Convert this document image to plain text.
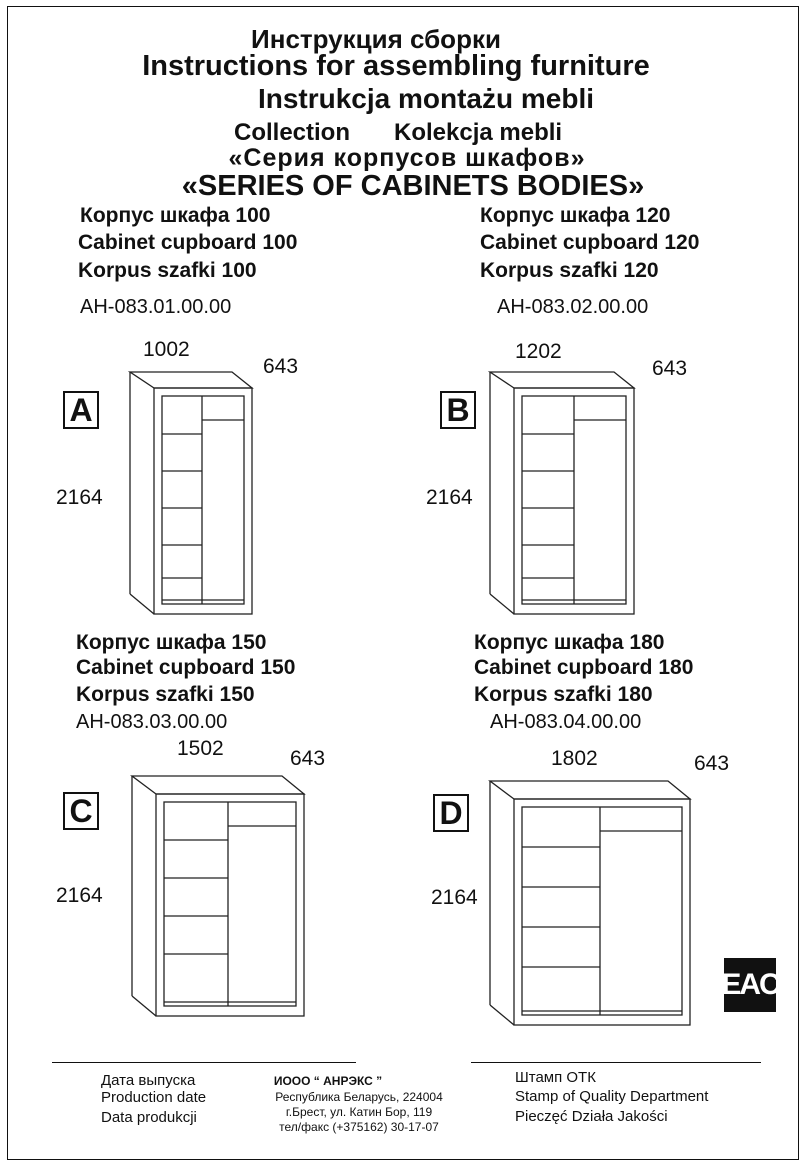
Инструкция сборки
Instructions for assembling furniture
Instrukcja montażu mebli
Collection Kolekcja mebli
«Серия корпусов шкафов»
«SERIES OF CABINETS BODIES»
Корпус шкафа 100
Cabinet cupboard 100
Korpus szafki 100
АН-083.01.00.00
Корпус шкафа 120
Cabinet cupboard 120
Korpus szafki 120
АН-083.02.00.00
1002
643
2164
A
1202
643
2164
B
Корпус шкафа 150
Cabinet cupboard 150
Korpus szafki 150
АН-083.03.00.00
Корпус шкафа 180
Cabinet cupboard 180
Korpus szafki 180
АН-083.04.00.00
1502	643
2164
C
1802	643
2164
D
EAC
Дата выпуска
Production date
Data produkcji
ИООО “ АНРЭКС ”
Республика Беларусь, 224004
г.Брест, ул. Катин Бор, 119
тел/факс (+375162) 30-17-07
Штамп ОТК
Stamp of Quality Department
Pieczęć Działa Jakości
